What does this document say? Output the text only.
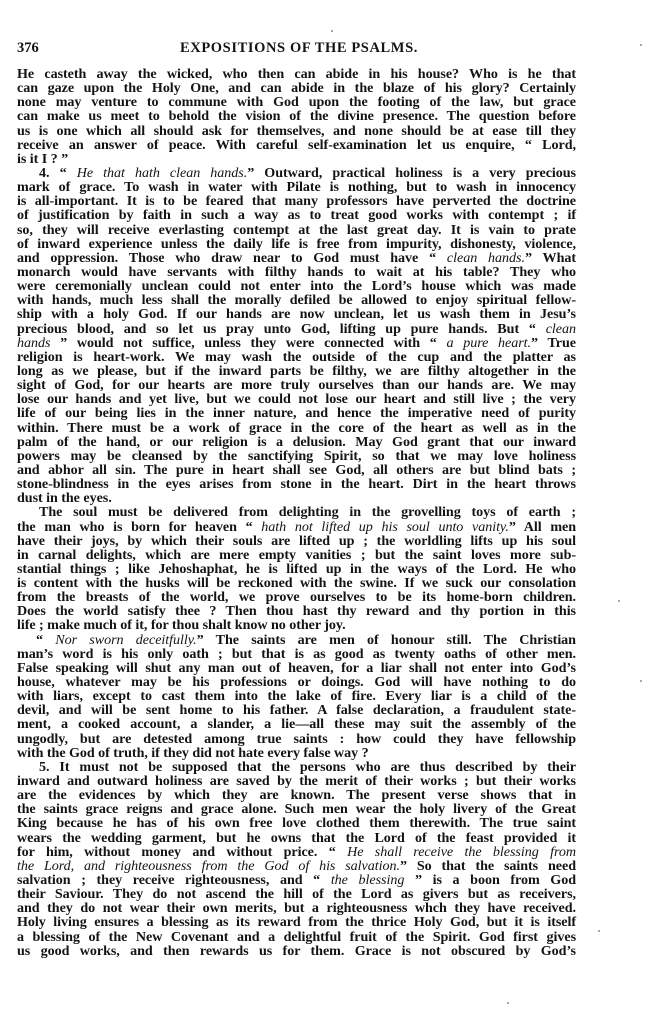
376	EXPOSITIONS OF THE PSALMS.
He casteth away the wicked, who then can abide in his house? Who is he that
can gaze upon the Holy One, and can abide in the blaze of his glory? Certainly
none may venture to commune with God upon the footing of the law, but grace
can make us meet to behold the vision of the divine presence. The question before
us is one which all should ask for themselves, and none should be at ease till they
receive an answer of peace. With careful self-examination let us enquire, “ Lord,
is it I ? ”
4. “ He that hath clean hands.” Outward, practical holiness is a very precious
mark of grace. To wash in water with Pilate is nothing, but to wash in innocency
is all-important. It is to be feared that many professors have perverted the doctrine
of justification by faith in such a way as to treat good works with contempt ; if
so, they will receive everlasting contempt at the last great day. It is vain to prate
of inward experience unless the daily life is free from impurity, dishonesty, violence,
and oppression. Those who draw near to God must have “ clean hands.” What
monarch would have servants with filthy hands to wait at his table? They who
were ceremonially unclean could not enter into the Lord’s house which was made
with hands, much less shall the morally defiled be allowed to enjoy spiritual fellow-
ship with a holy God. If our hands are now unclean, let us wash them in Jesu’s
precious blood, and so let us pray unto God, lifting up pure hands. But “ clean
hands ” would not suffice, unless they were connected with “ a pure heart.” True
religion is heart-work. We may wash the outside of the cup and the platter as
long as we please, but if the inward parts be filthy, we are filthy altogether in the
sight of God, for our hearts are more truly ourselves than our hands are. We may
lose our hands and yet live, but we could not lose our heart and still live ; the very
life of our being lies in the inner nature, and hence the imperative need of purity
within. There must be a work of grace in the core of the heart as well as in the
palm of the hand, or our religion is a delusion. May God grant that our inward
powers may be cleansed by the sanctifying Spirit, so that we may love holiness
and abhor all sin. The pure in heart shall see God, all others are but blind bats ;
stone-blindness in the eyes arises from stone in the heart. Dirt in the heart throws
dust in the eyes.
The soul must be delivered from delighting in the grovelling toys of earth ;
the man who is born for heaven “ hath not lifted up his soul unto vanity.” All men
have their joys, by which their souls are lifted up ; the worldling lifts up his soul
in carnal delights, which are mere empty vanities ; but the saint loves more sub-
stantial things ; like Jehoshaphat, he is lifted up in the ways of the Lord. He who
is content with the husks will be reckoned with the swine. If we suck our consolation
from the breasts of the world, we prove ourselves to be its home-born children.
Does the world satisfy thee ? Then thou hast thy reward and thy portion in this
life ; make much of it, for thou shalt know no other joy.
“ Nor sworn deceitfully.” The saints are men of honour still. The Christian
man’s word is his only oath ; but that is as good as twenty oaths of other men.
False speaking will shut any man out of heaven, for a liar shall not enter into God’s
house, whatever may be his professions or doings. God will have nothing to do
with liars, except to cast them into the lake of fire. Every liar is a child of the
devil, and will be sent home to his father. A false declaration, a fraudulent state-
ment, a cooked account, a slander, a lie—all these may suit the assembly of the
ungodly, but are detested among true saints : how could they have fellowship
with the God of truth, if they did not hate every false way ?
5. It must not be supposed that the persons who are thus described by their
inward and outward holiness are saved by the merit of their works ; but their works
are the evidences by which they are known. The present verse shows that in
the saints grace reigns and grace alone. Such men wear the holy livery of the Great
King because he has of his own free love clothed them therewith. The true saint
wears the wedding garment, but he owns that the Lord of the feast provided it
for him, without money and without price. “ He shall receive the blessing from
the Lord, and righteousness from the God of his salvation.” So that the saints need
salvation ; they receive righteousness, and “ the blessing ” is a boon from God
their Saviour. They do not ascend the hill of the Lord as givers but as receivers,
and they do not wear their own merits, but a righteousness whch they have received.
Holy living ensures a blessing as its reward from the thrice Holy God, but it is itself
a blessing of the New Covenant and a delightful fruit of the Spirit. God first gives
us good works, and then rewards us for them. Grace is not obscured by God’s
